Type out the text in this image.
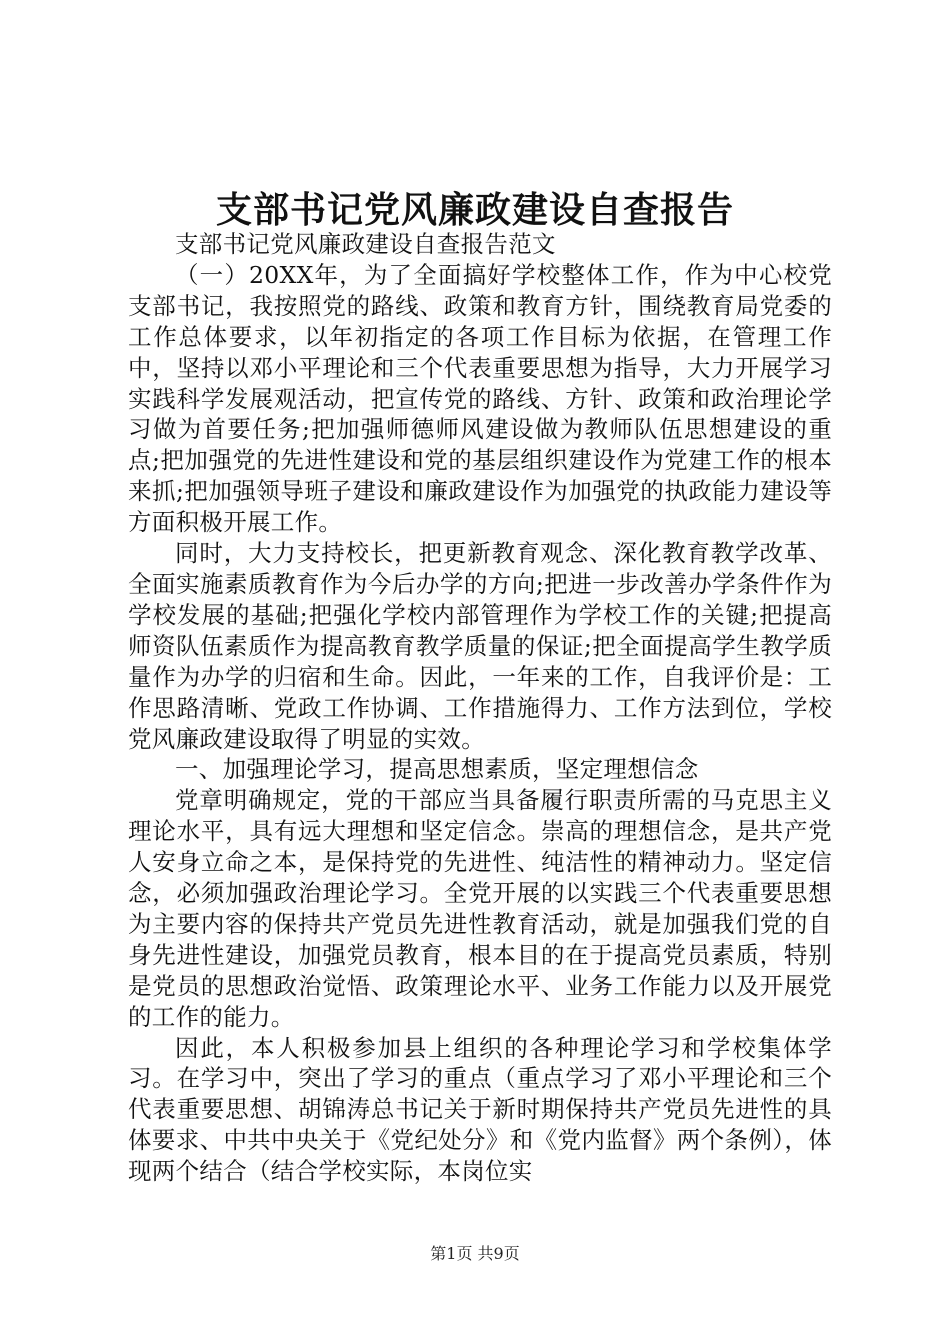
支部书记党风廉政建设自查报告

支部书记党风廉政建设自查报告范文

（一）20XX年，为了全面搞好学校整体工作，作为中心校党支部书记，我按照党的路线、政策和教育方针，围绕教育局党委的工作总体要求，以年初指定的各项工作目标为依据，在管理工作中，坚持以邓小平理论和三个代表重要思想为指导，大力开展学习实践科学发展观活动，把宣传党的路线、方针、政策和政治理论学习做为首要任务;把加强师德师风建设做为教师队伍思想建设的重点;把加强党的先进性建设和党的基层组织建设作为党建工作的根本来抓;把加强领导班子建设和廉政建设作为加强党的执政能力建设等方面积极开展工作。

同时，大力支持校长，把更新教育观念、深化教育教学改革、全面实施素质教育作为今后办学的方向;把进一步改善办学条件作为学校发展的基础;把强化学校内部管理作为学校工作的关键;把提高师资队伍素质作为提高教育教学质量的保证;把全面提高学生教学质量作为办学的归宿和生命。因此，一年来的工作，自我评价是：工作思路清晰、党政工作协调、工作措施得力、工作方法到位，学校党风廉政建设取得了明显的实效。

一、加强理论学习，提高思想素质，坚定理想信念

党章明确规定，党的干部应当具备履行职责所需的马克思主义理论水平，具有远大理想和坚定信念。崇高的理想信念，是共产党人安身立命之本，是保持党的先进性、纯洁性的精神动力。坚定信念，必须加强政治理论学习。全党开展的以实践三个代表重要思想为主要内容的保持共产党员先进性教育活动，就是加强我们党的自身先进性建设，加强党员教育，根本目的在于提高党员素质，特别是党员的思想政治觉悟、政策理论水平、业务工作能力以及开展党的工作的能力。

因此，本人积极参加县上组织的各种理论学习和学校集体学习。在学习中，突出了学习的重点（重点学习了邓小平理论和三个代表重要思想、胡锦涛总书记关于新时期保持共产党员先进性的具体要求、中共中央关于《党纪处分》和《党内监督》两个条例），体现两个结合（结合学校实际，本岗位实

第1页 共9页
